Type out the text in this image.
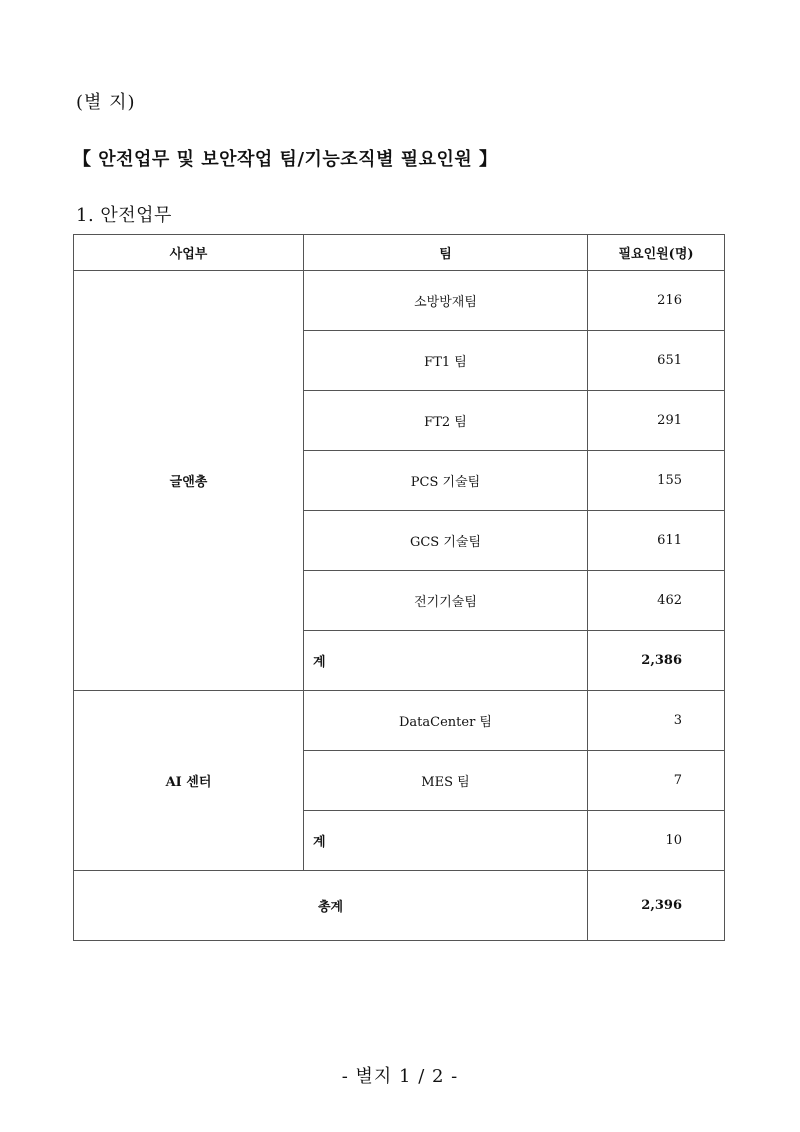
(별 지)
【 안전업무 및 보안작업 팀/기능조직별 필요인원 】
1. 안전업무
사업부	팀	필요인원(명)
글앤총	소방방재팀	216
	FT1 팀	651
	FT2 팀	291
	PCS 기술팀	155
	GCS 기술팀	611
	전기기술팀	462
	계	2,386
AI 센터	DataCenter 팀	3
	MES 팀	7
	계	10
총계		2,396
- 별지 1 / 2 -
